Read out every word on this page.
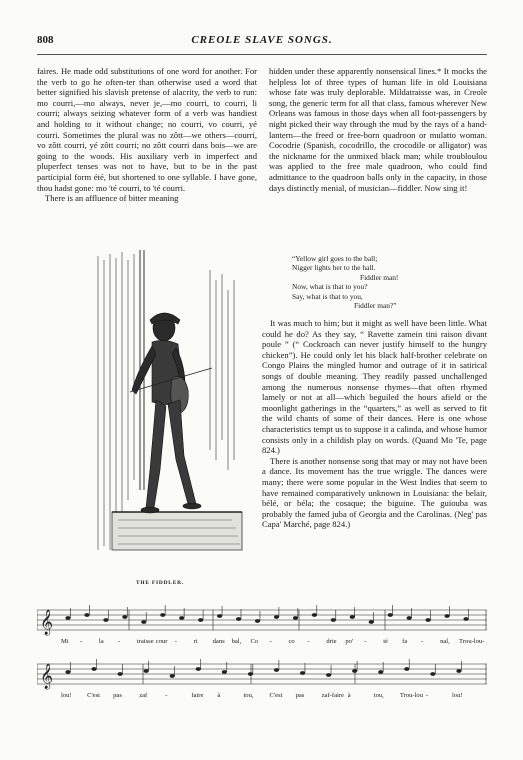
808	CREOLE SLAVE SONGS.

faires. He made odd substitutions of one word for another. For the verb to go he often-ter than otherwise used a word that better signified his slavish pretense of alacrity, the verb to run: mo courri,—mo always, never je,—mo courri, to courri, li courri; always seizing whatever form of a verb was handiest and holding to it without change; no courri, vo courri, yé courri. Sometimes the plural was no zôtt—we others—courri, vo zôtt courri, yé zôtt courri; no zôtt courri dans bois—we are going to the woods. His auxiliary verb in imperfect and pluperfect tenses was not to have, but to be in the past participial form été, but shortened to one syllable. I have gone, thou hadst gone: mo 'té courri, to 'té courri.

There is an affluence of bitter meaning

hidden under these apparently nonsensical lines.* It mocks the helpless lot of three types of human life in old Louisiana whose fate was truly deplorable. Mildatraisse was, in Creole song, the generic term for all that class, famous wherever New Orleans was famous in those days when all foot-passengers by night picked their way through the mud by the rays of a hand-lantern—the freed or free-born quadroon or mulatto woman. Cocodrie (Spanish, cocodrillo, the crocodile or alligator) was the nickname for the unmixed black man; while troubloulou was applied to the free male quadroon, who could find admittance to the quadroon balls only in the capacity, in those days distinctly menial, of musician—fiddler. Now sing it!

“Yellow girl goes to the ball;
Nigger lights her to the hall.
Fiddler man!
Now, what is that to you?
Say, what is that to you,
Fiddler man?”

It was much to him; but it might as well have been little. What could he do? As they say, “ Ravette zamein tini raison divant poule ” (“ Cockroach can never justify himself to the hungry chicken”). He could only let his black half-brother celebrate on Congo Plains the mingled humor and outrage of it in satirical songs of double meaning. They readily passed unchallenged among the numerous nonsense rhymes—that often rhymed lamely or not at all—which beguiled the hours afield or the moonlight gatherings in the “quarters,” as well as served to fit the wild chants of some of their dances. Here is one whose characteristics tempt us to suppose it a calinda, and whose humor consists only in a childish play on words. (Quand Mo 'Te, page 824.)

There is another nonsense song that may or may not have been a dance. Its movement has the true wriggle. The dances were many; there were some popular in the West Indies that seem to have remained comparatively unknown in Louisiana: the belair, bélé, or béla; the cosaque; the biguine. The guiouba was probably the famed juba of Georgia and the Carolinas. (Neg' pas Capa' Marché, page 824.)

THE FIDDLER.
𝄞
Mi -	la -	traisse cour -	ri dans bal, Co -	co -	drie po' -	té fa -	nal, Trou-lou-
𝄞
lou! C'est pas	zaf	-	faire à	tou, C'est pas	zaf-faire à	tou, Trou-lou -	lou!
